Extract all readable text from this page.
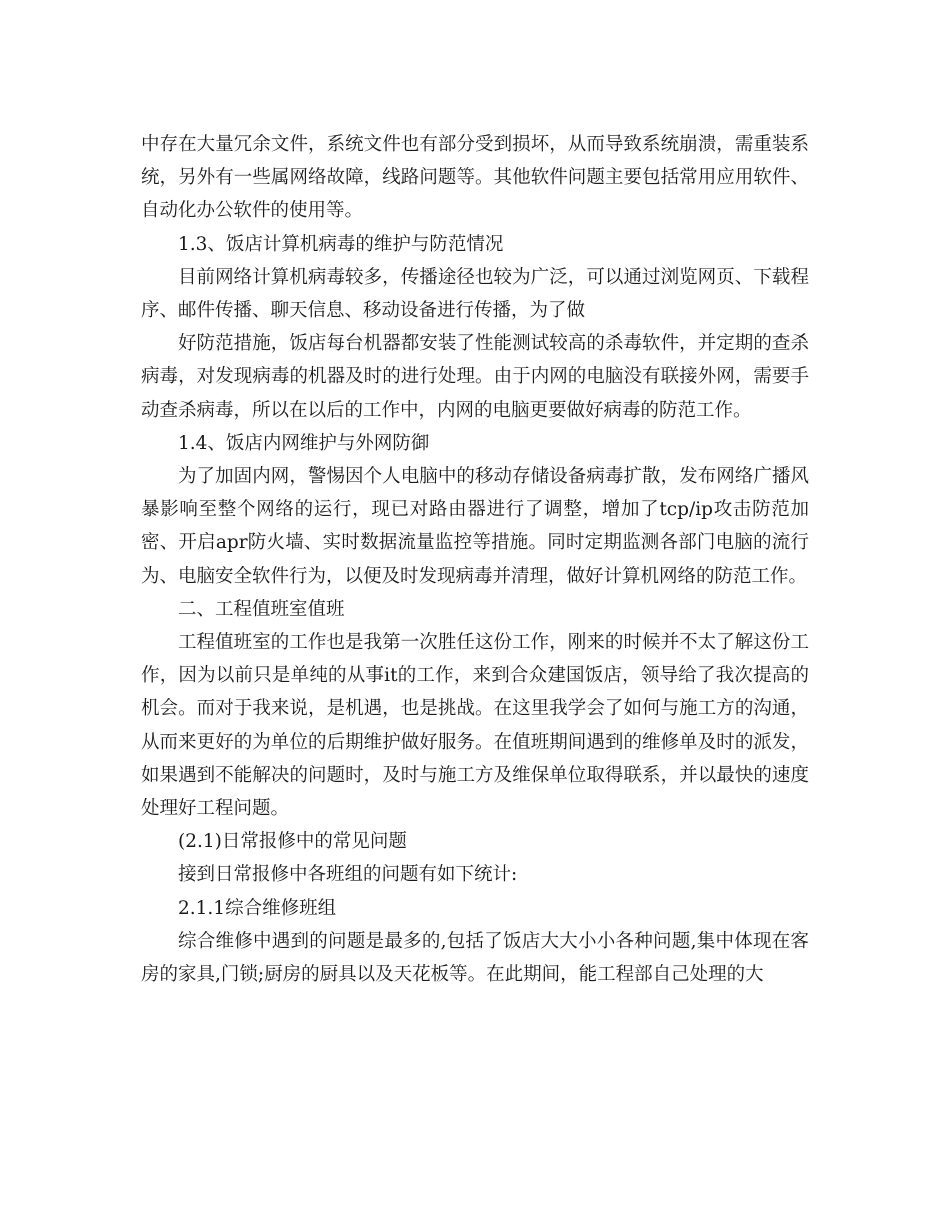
中存在大量冗余文件，系统文件也有部分受到损坏，从而导致系统崩溃，需重装系统，另外有一些属网络故障，线路问题等。其他软件问题主要包括常用应用软件、自动化办公软件的使用等。

1.3、饭店计算机病毒的维护与防范情况

目前网络计算机病毒较多，传播途径也较为广泛，可以通过浏览网页、下载程序、邮件传播、聊天信息、移动设备进行传播，为了做

好防范措施，饭店每台机器都安装了性能测试较高的杀毒软件，并定期的查杀病毒，对发现病毒的机器及时的进行处理。由于内网的电脑没有联接外网，需要手动查杀病毒，所以在以后的工作中，内网的电脑更要做好病毒的防范工作。

1.4、饭店内网维护与外网防御

为了加固内网，警惕因个人电脑中的移动存储设备病毒扩散，发布网络广播风暴影响至整个网络的运行，现已对路由器进行了调整，增加了tcp/ip攻击防范加密、开启apr防火墙、实时数据流量监控等措施。同时定期监测各部门电脑的流行为、电脑安全软件行为，以便及时发现病毒并清理，做好计算机网络的防范工作。

二、工程值班室值班

工程值班室的工作也是我第一次胜任这份工作，刚来的时候并不太了解这份工作，因为以前只是单纯的从事it的工作，来到合众建国饭店，领导给了我次提高的机会。而对于我来说，是机遇，也是挑战。在这里我学会了如何与施工方的沟通，从而来更好的为单位的后期维护做好服务。在值班期间遇到的维修单及时的派发，如果遇到不能解决的问题时，及时与施工方及维保单位取得联系，并以最快的速度处理好工程问题。

(2.1)日常报修中的常见问题

接到日常报修中各班组的问题有如下统计:

2.1.1综合维修班组

综合维修中遇到的问题是最多的,包括了饭店大大小小各种问题,集中体现在客房的家具,门锁;厨房的厨具以及天花板等。在此期间，能工程部自己处理的大
